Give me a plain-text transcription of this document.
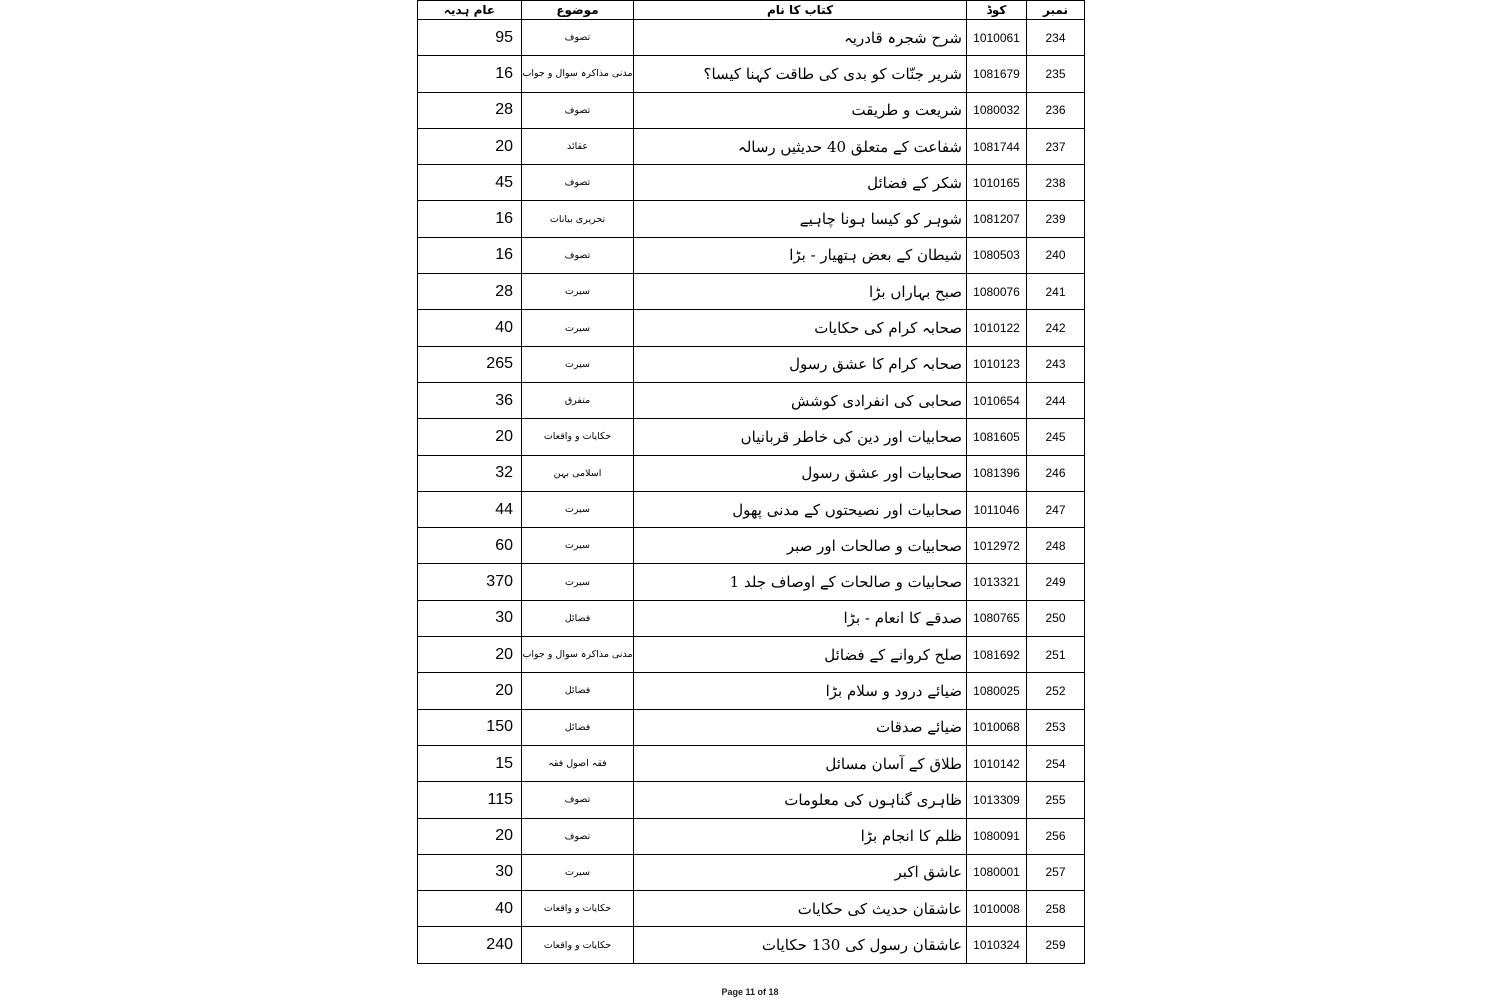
عام ہدیہ	موضوع	کتاب کا نام	کوڈ	نمبر
95	تصوف	شرح شجرہ قادریہ	1010061	234
16	مدنی مذاکرہ سوال و جواب	شریر جنّات کو بدی کی طاقت کہنا کیسا؟	1081679	235
28	تصوف	شریعت و طریقت	1080032	236
20	عقائد	شفاعت کے متعلق 40 حدیثیں رسالہ	1081744	237
45	تصوف	شکر کے فضائل	1010165	238
16	تحریری بیانات	شوہر کو کیسا ہونا چاہیے	1081207	239
16	تصوف	شیطان کے بعض ہتھیار - بڑا	1080503	240
28	سیرت	صبح بہاراں بڑا	1080076	241
40	سیرت	صحابہ کرام کی حکایات	1010122	242
265	سیرت	صحابہ کرام کا عشق رسول	1010123	243
36	متفرق	صحابی کی انفرادی کوشش	1010654	244
20	حکایات و واقعات	صحابیات اور دین کی خاطر قربانیاں	1081605	245
32	اسلامی بہن	صحابیات اور عشق رسول	1081396	246
44	سیرت	صحابیات اور نصیحتوں کے مدنی پھول	1011046	247
60	سیرت	صحابیات و صالحات اور صبر	1012972	248
370	سیرت	صحابیات و صالحات کے اوصاف جلد 1	1013321	249
30	فضائل	صدقے کا انعام - بڑا	1080765	250
20	مدنی مذاکرہ سوال و جواب	صلح کروانے کے فضائل	1081692	251
20	فضائل	ضیائے درود و سلام بڑا	1080025	252
150	فضائل	ضیائے صدقات	1010068	253
15	فقہ اصول فقہ	طلاق کے آسان مسائل	1010142	254
115	تصوف	ظاہری گناہوں کی معلومات	1013309	255
20	تصوف	ظلم کا انجام بڑا	1080091	256
30	سیرت	عاشق اکبر	1080001	257
40	حکایات و واقعات	عاشقان حدیث کی حکایات	1010008	258
240	حکایات و واقعات	عاشقان رسول کی 130 حکایات	1010324	259
Page 11 of 18
